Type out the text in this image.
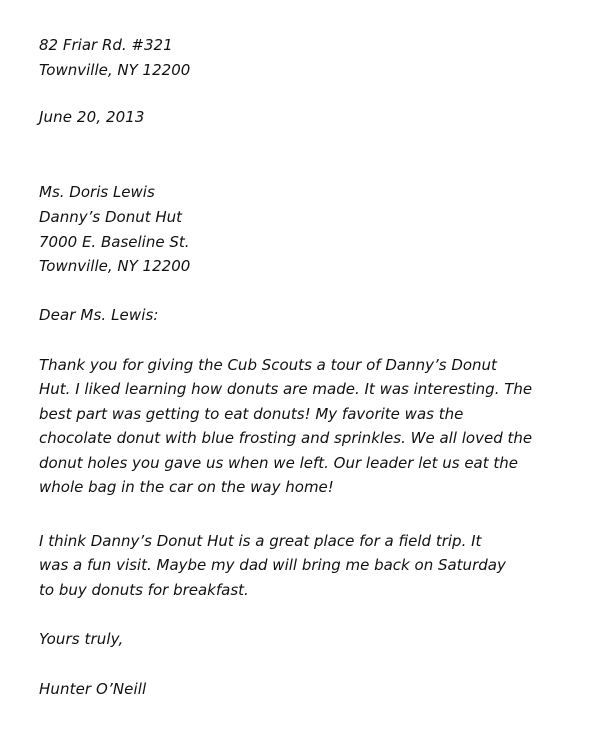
82 Friar Rd. #321
Townville, NY 12200
June 20, 2013
Ms. Doris Lewis
Danny’s Donut Hut
7000 E. Baseline St.
Townville, NY 12200
Dear Ms. Lewis:
Thank you for giving the Cub Scouts a tour of Danny’s Donut
Hut. I liked learning how donuts are made. It was interesting. The
best part was getting to eat donuts! My favorite was the
chocolate donut with blue frosting and sprinkles. We all loved the
donut holes you gave us when we left. Our leader let us eat the
whole bag in the car on the way home!
I think Danny’s Donut Hut is a great place for a field trip. It
was a fun visit. Maybe my dad will bring me back on Saturday
to buy donuts for breakfast.
Yours truly,
Hunter O’Neill
